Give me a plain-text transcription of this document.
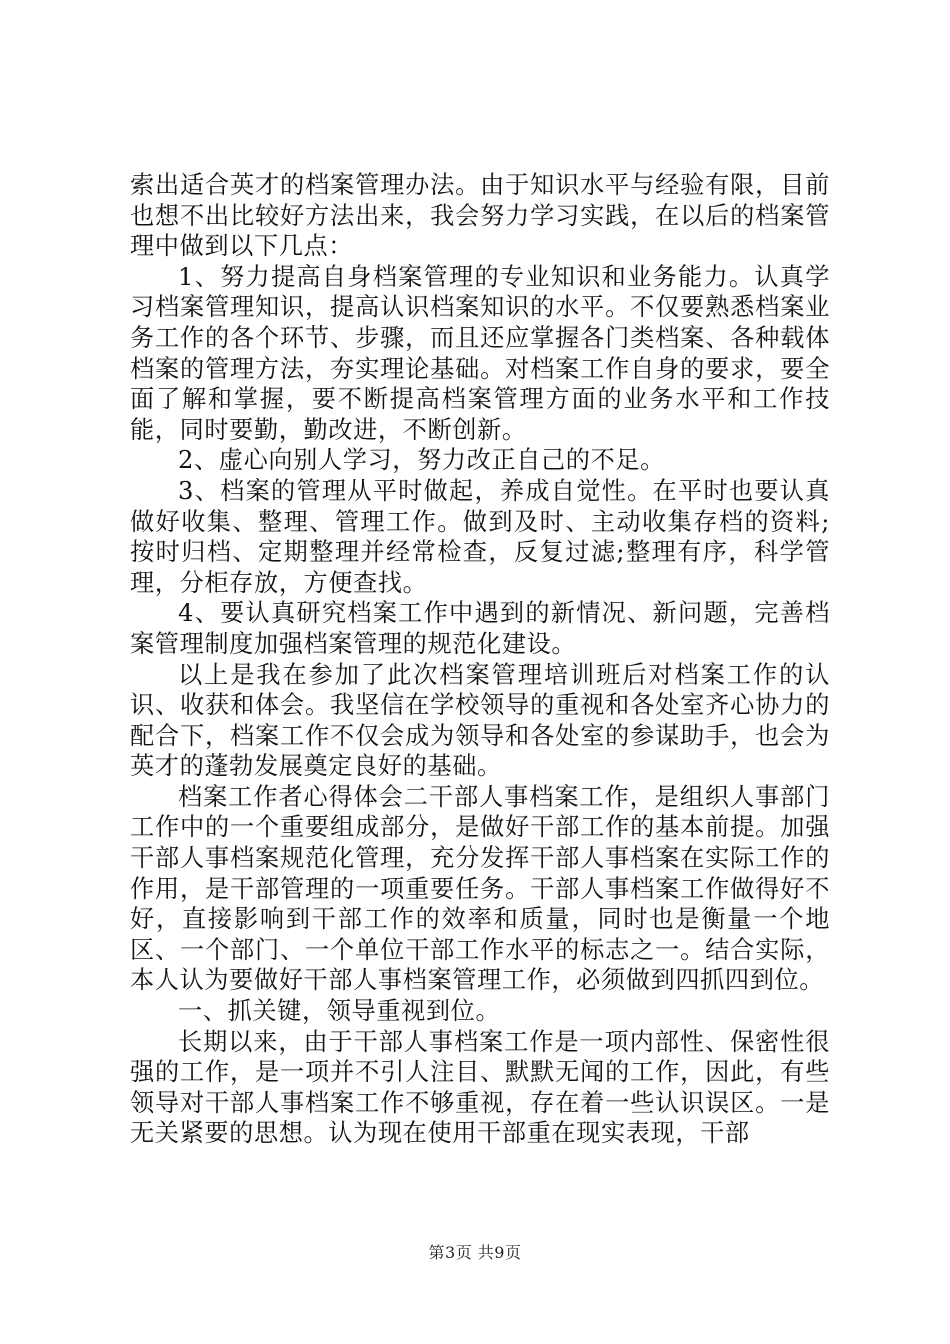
索出适合英才的档案管理办法。由于知识水平与经验有限，目前也想不出比较好方法出来，我会努力学习实践，在以后的档案管理中做到以下几点：

1、努力提高自身档案管理的专业知识和业务能力。认真学习档案管理知识，提高认识档案知识的水平。不仅要熟悉档案业务工作的各个环节、步骤，而且还应掌握各门类档案、各种载体档案的管理方法，夯实理论基础。对档案工作自身的要求，要全面了解和掌握，要不断提高档案管理方面的业务水平和工作技能，同时要勤，勤改进，不断创新。

2、虚心向别人学习，努力改正自己的不足。

3、档案的管理从平时做起，养成自觉性。在平时也要认真做好收集、整理、管理工作。做到及时、主动收集存档的资料;按时归档、定期整理并经常检查，反复过滤;整理有序，科学管理，分柜存放，方便查找。

4、要认真研究档案工作中遇到的新情况、新问题，完善档案管理制度加强档案管理的规范化建设。

以上是我在参加了此次档案管理培训班后对档案工作的认识、收获和体会。我坚信在学校领导的重视和各处室齐心协力的配合下，档案工作不仅会成为领导和各处室的参谋助手，也会为英才的蓬勃发展奠定良好的基础。

档案工作者心得体会二干部人事档案工作，是组织人事部门工作中的一个重要组成部分，是做好干部工作的基本前提。加强干部人事档案规范化管理，充分发挥干部人事档案在实际工作的作用，是干部管理的一项重要任务。干部人事档案工作做得好不好，直接影响到干部工作的效率和质量，同时也是衡量一个地区、一个部门、一个单位干部工作水平的标志之一。结合实际，本人认为要做好干部人事档案管理工作，必须做到四抓四到位。

一、抓关键，领导重视到位。

长期以来，由于干部人事档案工作是一项内部性、保密性很强的工作，是一项并不引人注目、默默无闻的工作，因此，有些领导对干部人事档案工作不够重视，存在着一些认识误区。一是无关紧要的思想。认为现在使用干部重在现实表现，干部

第3页 共9页
